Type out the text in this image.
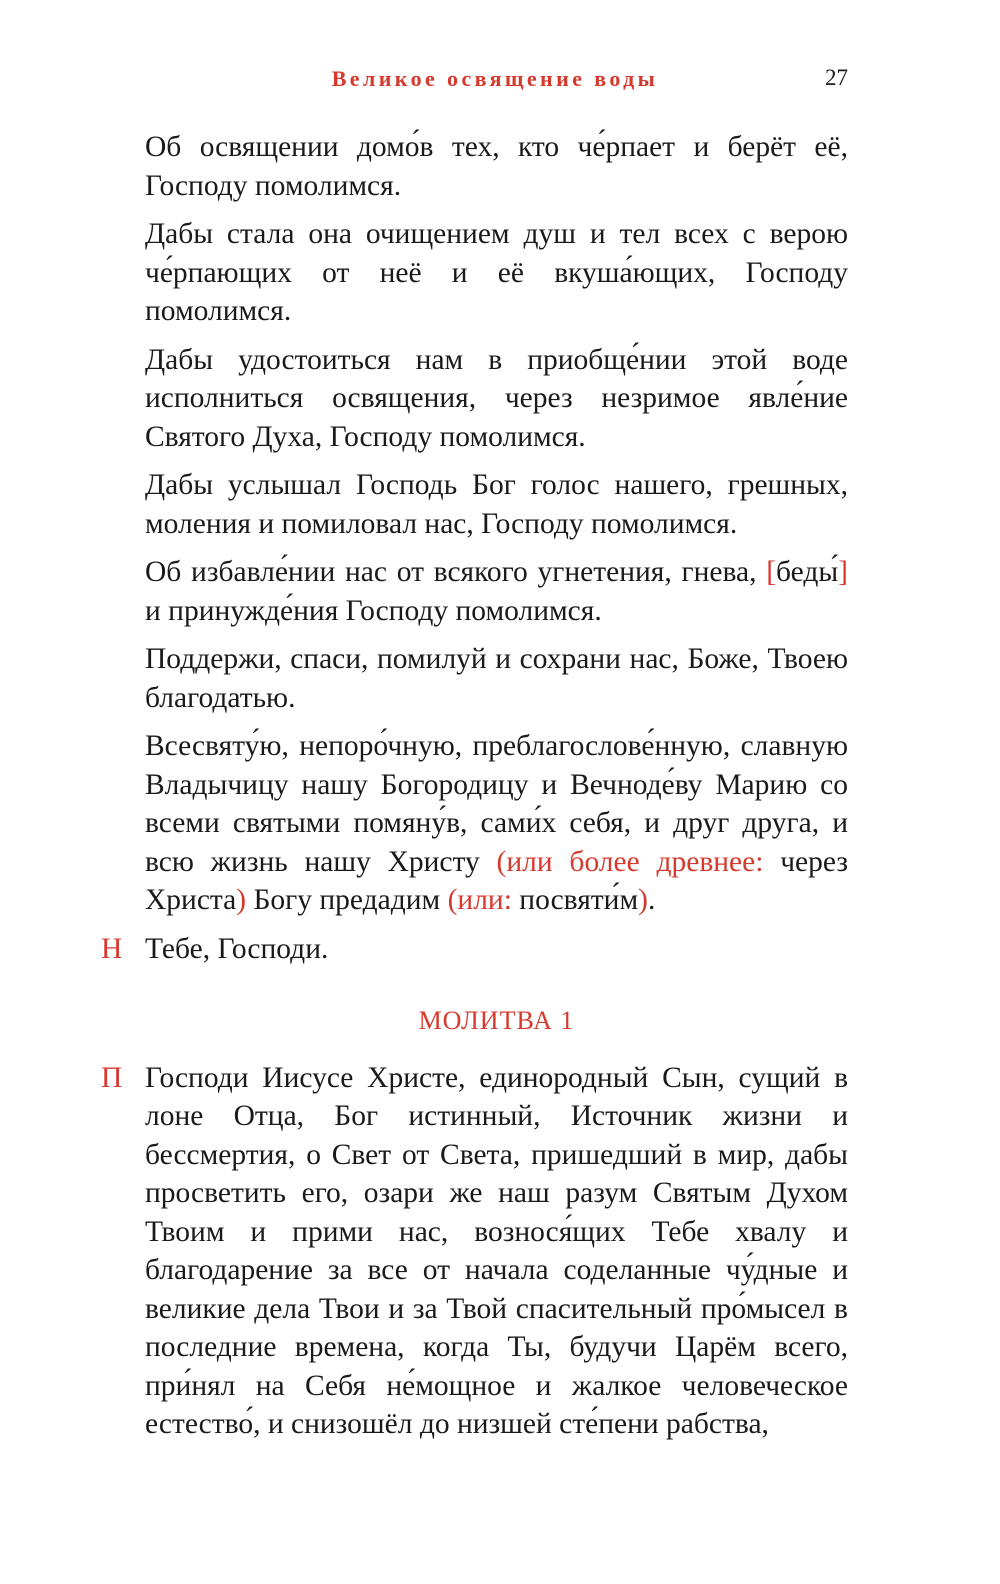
Великое освящение воды	27

Об освящении домо́в тех, кто че́рпает и берёт её, Господу помолимся.

Дабы стала она очищением душ и тел всех с верою че́рпающих от неё и её вкуша́ющих, Господу помолимся.

Дабы удостоиться нам в приобще́нии этой воде исполниться освящения, через незримое явле́ние Святого Духа, Господу помолимся.

Дабы услышал Господь Бог голос нашего, грешных, моления и помиловал нас, Господу помолимся.

Об избавле́нии нас от всякого угнетения, гнева, [беды́] и принужде́ния Господу помолимся.

Поддержи, спаси, помилуй и сохрани нас, Боже, Твоею благодатью.

Всесвяту́ю, непоро́чную, преблагослове́нную, славную Владычицу нашу Богородицу и Вечноде́ву Марию со всеми святыми помяну́в, сами́х себя, и друг друга, и всю жизнь нашу Христу (или более древнее: через Христа) Богу предадим (или: посвяти́м).

Н Тебе, Господи.

МОЛИТВА 1

П Господи Иисусе Христе, единородный Сын, сущий в лоне Отца, Бог истинный, Источник жизни и бессмертия, о Свет от Света, пришедший в мир, дабы просветить его, озари же наш разум Святым Духом Твоим и прими нас, вознося́щих Тебе хвалу и благодарение за все от начала соделанные чу́дные и великие дела Твои и за Твой спасительный про́мысел в последние времена, когда Ты, будучи Царём всего, при́нял на Себя не́мощное и жалкое человеческое естество́, и снизошёл до низшей сте́пени рабства,
